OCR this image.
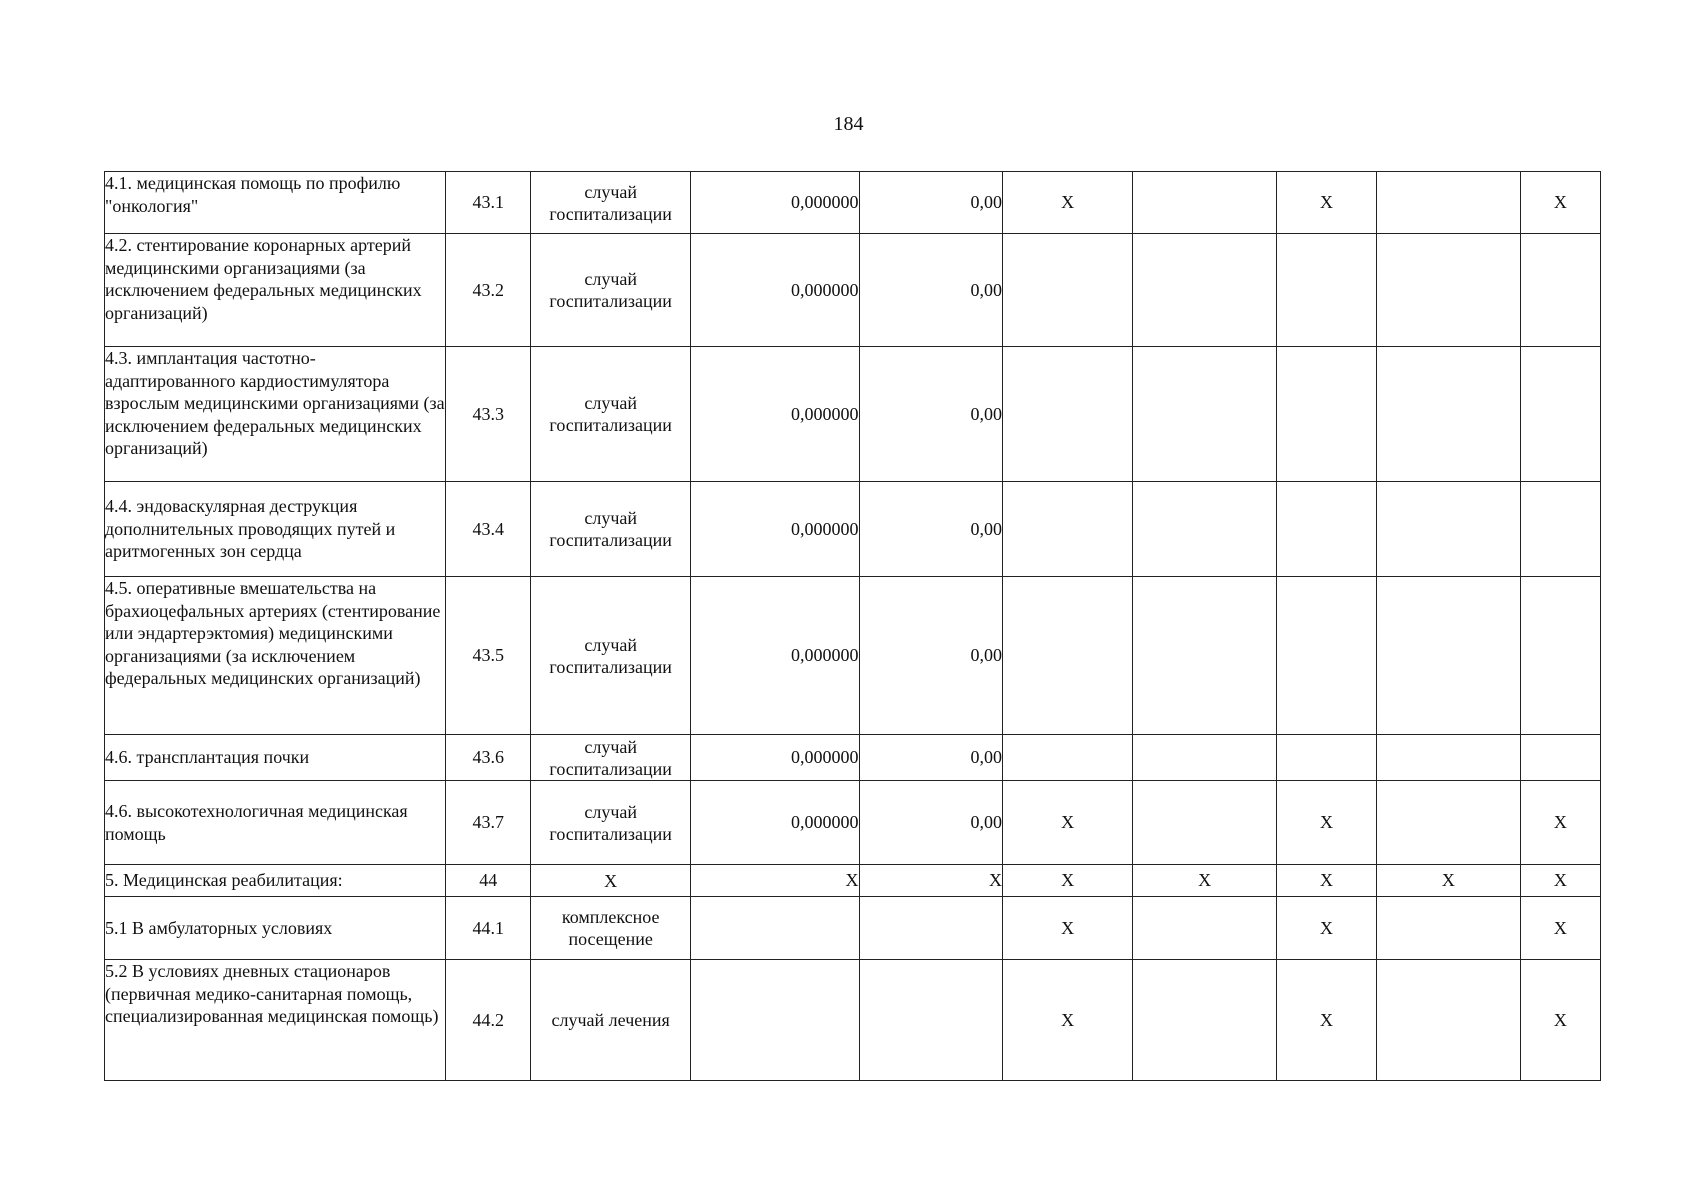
184
4.1. медицинская помощь по профилю "онкология"	43.1	случай госпитализации	0,000000	0,00	X		X		X
4.2. стентирование коронарных артерий медицинскими организациями (за исключением федеральных медицинских организаций)	43.2	случай госпитализации	0,000000	0,00					
4.3. имплантация частотно-адаптированного кардиостимулятора взрослым медицинскими организациями (за исключением федеральных медицинских организаций)	43.3	случай госпитализации	0,000000	0,00					
4.4. эндоваскулярная деструкция дополнительных проводящих путей и аритмогенных зон сердца	43.4	случай госпитализации	0,000000	0,00					
4.5. оперативные вмешательства на брахиоцефальных артериях (стентирование или эндартерэктомия) медицинскими организациями (за исключением федеральных медицинских организаций)	43.5	случай госпитализации	0,000000	0,00					
4.6. трансплантация почки	43.6	случай госпитализации	0,000000	0,00					
4.6. высокотехнологичная медицинская помощь	43.7	случай госпитализации	0,000000	0,00	X		X		X
5. Медицинская реабилитация:	44	X	X	X	X	X	X	X	X
5.1 В амбулаторных условиях	44.1	комплексное посещение			X		X		X
5.2 В условиях дневных стационаров (первичная медико-санитарная помощь, специализированная медицинская помощь)	44.2	случай лечения			X		X		X
